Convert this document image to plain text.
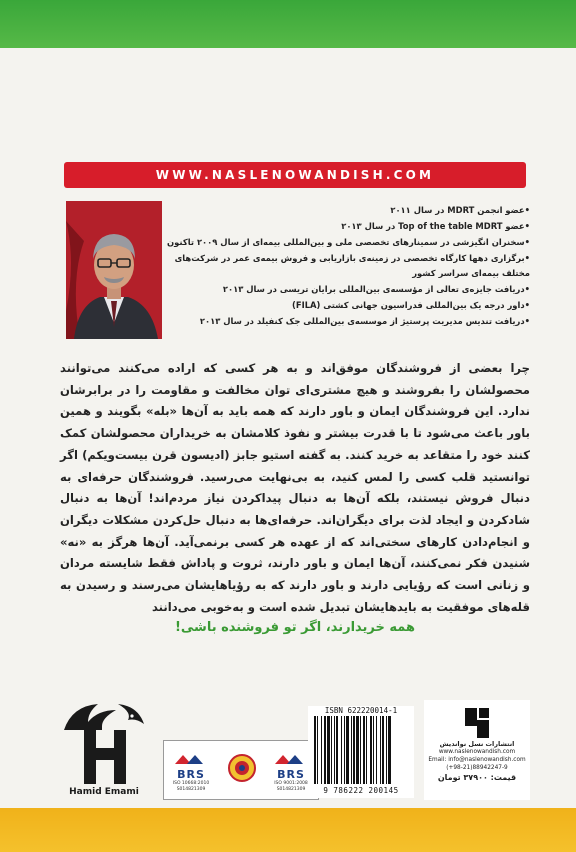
WWW.NASLENOWANDISH.COM
• عضو انجمن MDRT در سال ۲۰۱۱
• عضو Top of the table MDRT در سال ۲۰۱۳
• سخنران انگیزشی در سمینارهای تخصصی ملی و بین‌المللی بیمه‌ای از سال ۲۰۰۹ تاکنون
• برگزاری دهها کارگاه تخصصی در زمینه‌ی بازاریابی و فروش بیمه‌ی عمر در شرکت‌های مختلف بیمه‌ای سراسر کشور
• دریافت جایزه‌ی تعالی از مؤسسه‌ی بین‌المللی برایان تریسی در سال ۲۰۱۳
• داور درجه یک بین‌المللی فدراسیون جهانی کشتی (FILA)
• دریافت تندیس مدیریت پرستیژ از موسسه‌ی بین‌المللی جک کنفیلد در سال ۲۰۱۳

چرا بعضی از فروشندگان موفق‌اند و به هر کسی که اراده می‌کنند می‌توانند محصولشان را بفروشند و هیچ مشتری‌ای توان مخالفت و مقاومت را در برابرشان ندارد. این فروشندگان ایمان و باور دارند که همه باید به آن‌ها «بله» بگویند و همین باور باعث می‌شود تا با قدرت بیشتر و نفوذ کلامشان به خریداران محصولشان کمک کنند خود را متقاعد به خرید کنند. به گفته استیو جابز (ادیسون قرن بیست‌ویکم) اگر توانستید قلب کسی را لمس کنید، به بی‌نهایت می‌رسید. فروشندگان حرفه‌ای به دنبال فروش نیستند، بلکه آن‌ها به دنبال پیداکردن نیاز مردم‌اند! آن‌ها به دنبال شادکردن و ایجاد لذت برای دیگران‌اند. حرفه‌ای‌ها به دنبال حل‌کردن مشکلات دیگران و انجام‌دادن کارهای سختی‌اند که از عهده هر کسی برنمی‌آید. آن‌ها هرگز به «نه» شنیدن فکر نمی‌کنند، آن‌ها ایمان و باور دارند، ثروت و پاداش فقط شایسته مردان و زنانی است که رؤیایی دارند و باور دارند که به رؤیاهایشان می‌رسند و رسیدن به قله‌های موفقیت به بایدهایشان تبدیل شده است و به‌خوبی می‌دانند

همه خریدارند، اگر تو فروشنده باشی!

Hamid Emami
BRS
ISO 10668:2010
S014821309
BRS
ISO 9001:2008
S014821309
ISBN 622220014-1
9 786222 200145
انتشارات نسل نواندیش
www.naslenowandish.com
Email: info@naslenowandish.com
(+98-21)88942247-9
قیمت: ۳۷۹۰۰ تومان
